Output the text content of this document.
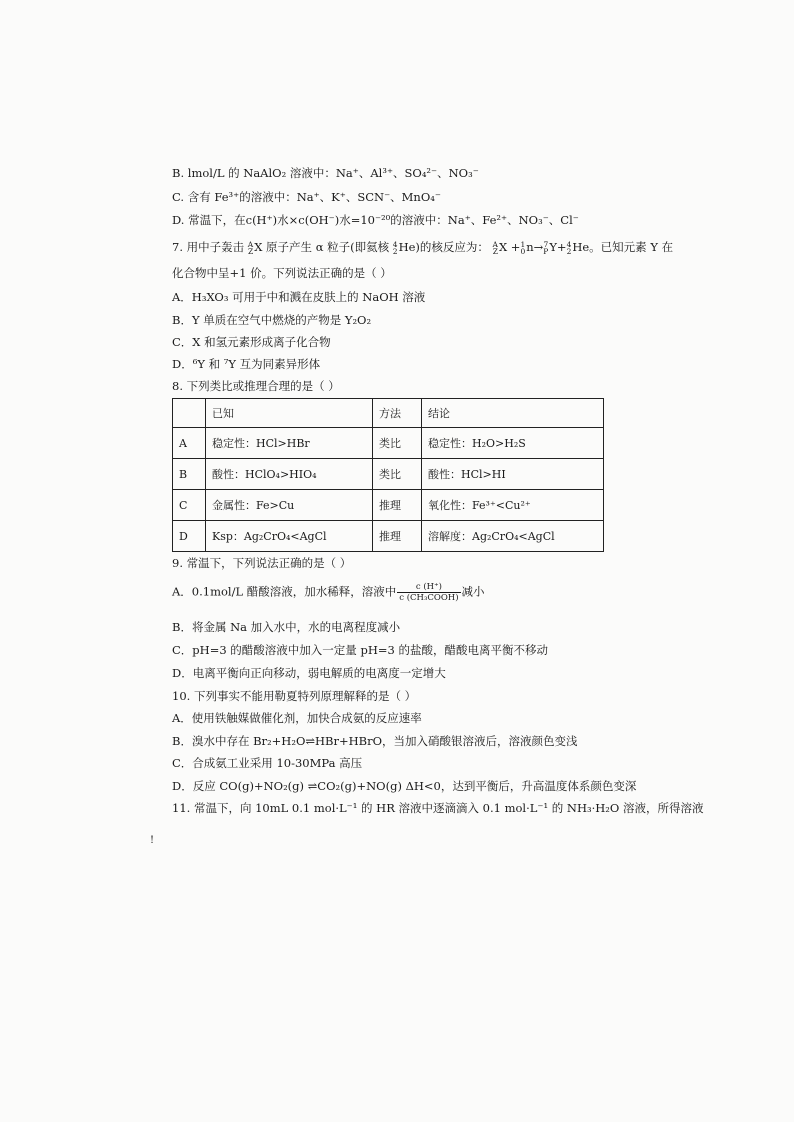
B. lmol/L 的 NaAlO₂ 溶液中：Na⁺、Al³⁺、SO₄²⁻、NO₃⁻
C. 含有 Fe³⁺的溶液中：Na⁺、K⁺、SCN⁻、MnO₄⁻
D. 常温下，在c(H⁺)水×c(OH⁻)水=10⁻²⁰的溶液中：Na⁺、Fe²⁺、NO₃⁻、Cl⁻
7. 用中子轰击 A
ZX 原子产生 α 粒子(即氦核 4
2He)的核反应为： A
ZX +1
0n→7
PY+4
2He。已知元素 Y 在
化合物中呈+1 价。下列说法正确的是（ ）
A．H₃XO₃ 可用于中和溅在皮肤上的 NaOH 溶液
B．Y 单质在空气中燃烧的产物是 Y₂O₂
C．X 和氢元素形成离子化合物
D．⁶Y 和 ⁷Y 互为同素异形体
8. 下列类比或推理合理的是（ ）
	已知	方法	结论
A	稳定性：HCl>HBr	类比	稳定性：H₂O>H₂S
B	酸性：HClO₄>HIO₄	类比	酸性：HCl>HI
C	金属性：Fe>Cu	推理	氧化性：Fe³⁺<Cu²⁺
D	Ksp：Ag₂CrO₄<AgCl	推理	溶解度：Ag₂CrO₄<AgCl
9. 常温下，下列说法正确的是（ ）
A．0.1mol/L 醋酸溶液，加水稀释，溶液中 $\frac{c (H^+)}{\text{c (CH₃COOH)}}$ 减小
B．将金属 Na 加入水中，水的电离程度减小
C．pH=3 的醋酸溶液中加入一定量 pH=3 的盐酸，醋酸电离平衡不移动
D．电离平衡向正向移动，弱电解质的电离度一定增大
10. 下列事实不能用勒夏特列原理解释的是（ ）
A．使用铁触媒做催化剂，加快合成氨的反应速率
B．溴水中存在 Br₂+H₂O⇌HBr+HBrO，当加入硝酸银溶液后，溶液颜色变浅
C．合成氨工业采用 10-30MPa 高压
D．反应 CO(g)+NO₂(g) ⇌CO₂(g)+NO(g) ΔH<0，达到平衡后，升高温度体系颜色变深
11. 常温下，向 10mL 0.1 mol·L⁻¹ 的 HR 溶液中逐滴滴入 0.1 mol·L⁻¹ 的 NH₃·H₂O 溶液，所得溶液
!
